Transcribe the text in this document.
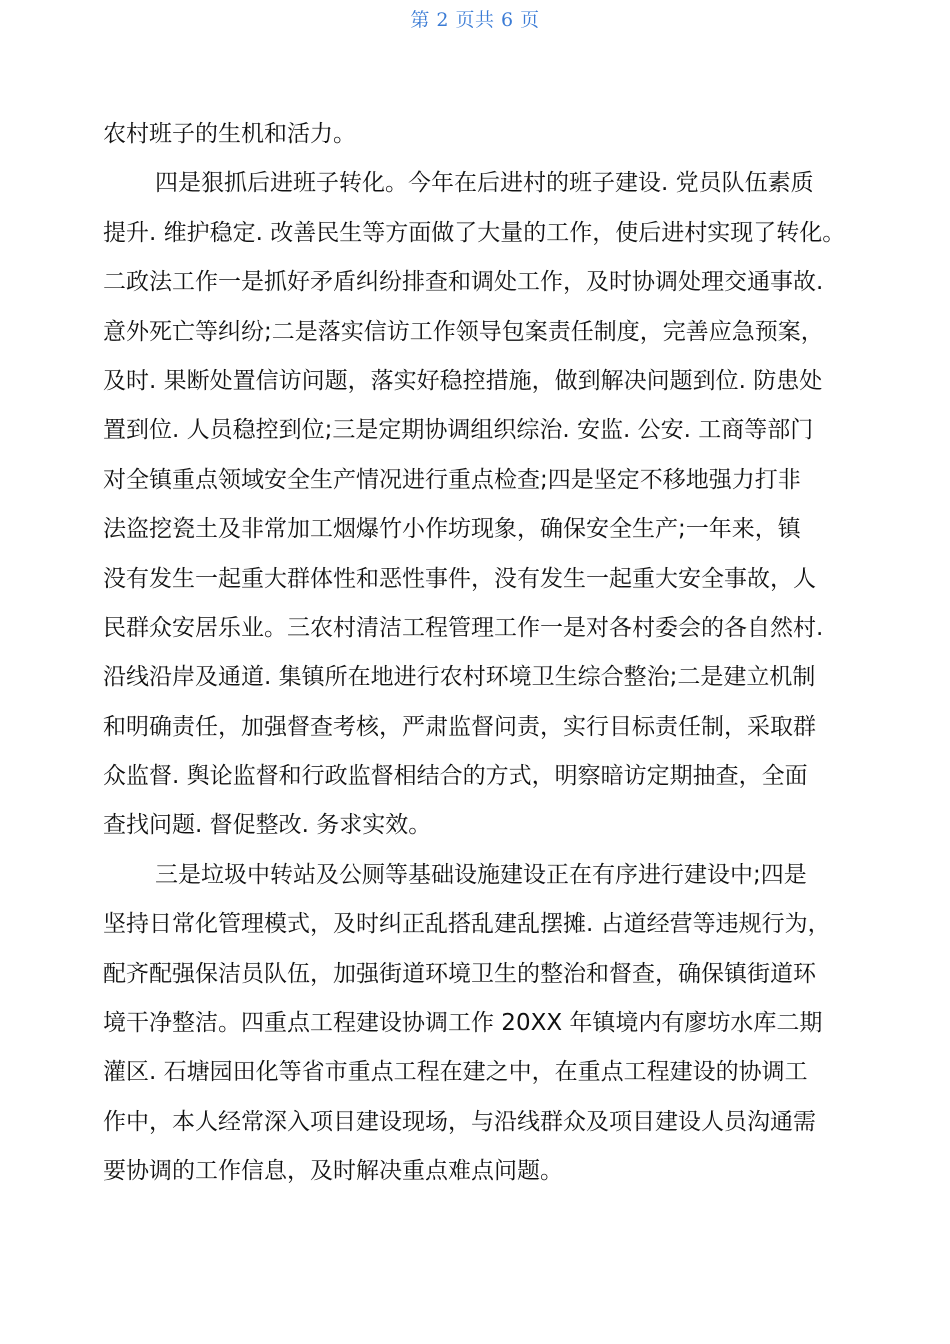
第 2 页共 6 页
农村班子的生机和活力。
四是狠抓后进班子转化。今年在后进村的班子建设. 党员队伍素质
提升. 维护稳定. 改善民生等方面做了大量的工作，使后进村实现了转化。
二政法工作一是抓好矛盾纠纷排查和调处工作，及时协调处理交通事故.
意外死亡等纠纷;二是落实信访工作领导包案责任制度，完善应急预案，
及时. 果断处置信访问题，落实好稳控措施，做到解决问题到位. 防患处
置到位. 人员稳控到位;三是定期协调组织综治. 安监. 公安. 工商等部门
对全镇重点领域安全生产情况进行重点检查;四是坚定不移地强力打非
法盗挖瓷土及非常加工烟爆竹小作坊现象，确保安全生产;一年来，镇
没有发生一起重大群体性和恶性事件，没有发生一起重大安全事故，人
民群众安居乐业。三农村清洁工程管理工作一是对各村委会的各自然村.
沿线沿岸及通道. 集镇所在地进行农村环境卫生综合整治;二是建立机制
和明确责任，加强督查考核，严肃监督问责，实行目标责任制，采取群
众监督. 舆论监督和行政监督相结合的方式，明察暗访定期抽查，全面
查找问题. 督促整改. 务求实效。
三是垃圾中转站及公厕等基础设施建设正在有序进行建设中;四是
坚持日常化管理模式，及时纠正乱搭乱建乱摆摊. 占道经营等违规行为，
配齐配强保洁员队伍，加强街道环境卫生的整治和督查，确保镇街道环
境干净整洁。四重点工程建设协调工作 20XX 年镇境内有廖坊水库二期
灌区. 石塘园田化等省市重点工程在建之中，在重点工程建设的协调工
作中，本人经常深入项目建设现场，与沿线群众及项目建设人员沟通需
要协调的工作信息，及时解决重点难点问题。
